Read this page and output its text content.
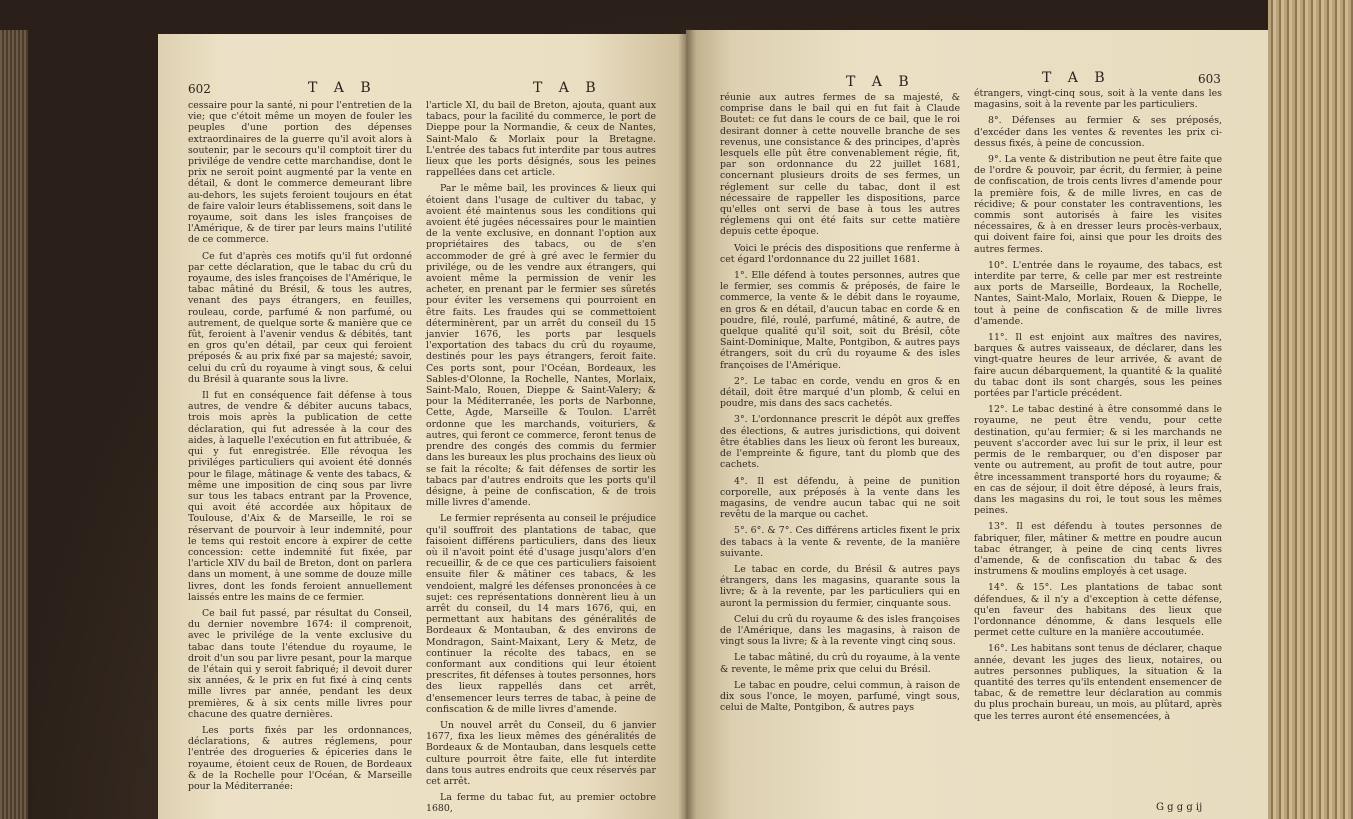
602	T A B	T A B

cessaire pour la santé, ni pour l'entretien de la vie; que c'étoit même un moyen de fouler les peuples d'une portion des dépenses extraordinaires de la guerre qu'il avoit alors à soutenir, par le secours qu'il comptoit tirer du privilége de vendre cette marchandise, dont le prix ne seroit point augmenté par la vente en détail, & dont le commerce demeurant libre au-dehors, les sujets feroient toujours en état de faire valoir leurs établissemens, soit dans le royaume, soit dans les isles françoises de l'Amérique, & de tirer par leurs mains l'utilité de ce commerce.

Ce fut d'après ces motifs qu'il fut ordonné par cette déclaration, que le tabac du crû du royaume, des isles françoises de l'Amérique, le tabac mâtiné du Brésil, & tous les autres, venant des pays étrangers, en feuilles, rouleau, corde, parfumé & non parfumé, ou autrement, de quelque sorte & manière que ce fût, feroient à l'avenir vendus & débités, tant en gros qu'en détail, par ceux qui feroient préposés & au prix fixé par sa majesté; savoir, celui du crû du royaume à vingt sous, & celui du Brésil à quarante sous la livre.

Il fut en conséquence fait défense à tous autres, de vendre & débiter aucuns tabacs, trois mois après la publication de cette déclaration, qui fut adressée à la cour des aides, à laquelle l'exécution en fut attribuée, & qui y fut enregistrée. Elle révoqua les priviléges particuliers qui avoient été donnés pour le filage, mâtinage & vente des tabacs, & même une imposition de cinq sous par livre sur tous les tabacs entrant par la Provence, qui avoit été accordée aux hôpitaux de Toulouse, d'Aix & de Marseille, le roi se réservant de pourvoir à leur indemnité, pour le tems qui restoit encore à expirer de cette concession: cette indemnité fut fixée, par l'article XIV du bail de Breton, dont on parlera dans un moment, à une somme de douze mille livres, dont les fonds feroient annuellement laissés entre les mains de ce fermier.

Ce bail fut passé, par résultat du Conseil, du dernier novembre 1674: il comprenoit, avec le privilége de la vente exclusive du tabac dans toute l'étendue du royaume, le droit d'un sou par livre pesant, pour la marque de l'étain qui y seroit fabriqué; il devoit durer six années, & le prix en fut fixé à cinq cents mille livres par année, pendant les deux premières, & à six cents mille livres pour chacune des quatre dernières.

Les ports fixés par les ordonnances, déclarations, & autres réglemens, pour l'entrée des drogueries & épiceries dans le royaume, étoient ceux de Rouen, de Bordeaux & de la Rochelle pour l'Océan, & Marseille pour la Méditerranée:

l'article XI, du bail de Breton, ajouta, quant aux tabacs, pour la facilité du commerce, le port de Dieppe pour la Normandie, & ceux de Nantes, Saint-Malo & Morlaix pour la Bretagne. L'entrée des tabacs fut interdite par tous autres lieux que les ports désignés, sous les peines rappellées dans cet article.

Par le même bail, les provinces & lieux qui étoient dans l'usage de cultiver du tabac, y avoient été maintenus sous les conditions qui avoient été jugées nécessaires pour le maintien de la vente exclusive, en donnant l'option aux propriétaires des tabacs, ou de s'en accommoder de gré à gré avec le fermier du privilége, ou de les vendre aux étrangers, qui avoient même la permission de venir les acheter, en prenant par le fermier ses sûretés pour éviter les versemens qui pourroient en être faits. Les fraudes qui se commettoient déterminèrent, par un arrêt du conseil du 15 janvier 1676, les ports par lesquels l'exportation des tabacs du crû du royaume, destinés pour les pays étrangers, feroit faite. Ces ports sont, pour l'Océan, Bordeaux, les Sables-d'Olonne, la Rochelle, Nantes, Morlaix, Saint-Malo, Rouen, Dieppe & Saint-Valery; & pour la Méditerranée, les ports de Narbonne, Cette, Agde, Marseille & Toulon. L'arrêt ordonne que les marchands, voituriers, & autres, qui feront ce commerce, feront tenus de prendre des congés des commis du fermier dans les bureaux les plus prochains des lieux où se fait la récolte; & fait défenses de sortir les tabacs par d'autres endroits que les ports qu'il désigne, à peine de confiscation, & de trois mille livres d'amende.

Le fermier représenta au conseil le préjudice qu'il souffroit des plantations de tabac, que faisoient différens particuliers, dans des lieux où il n'avoit point été d'usage jusqu'alors d'en recueillir, & de ce que ces particuliers faisoient ensuite filer & mâtiner ces tabacs, & les vendoient, malgré les défenses prononcées à ce sujet: ces représentations donnèrent lieu à un arrêt du conseil, du 14 mars 1676, qui, en permettant aux habitans des généralités de Bordeaux & Montauban, & des environs de Mondragon, Saint-Maixant, Lery & Metz, de continuer la récolte des tabacs, en se conformant aux conditions qui leur étoient prescrites, fit défenses à toutes personnes, hors des lieux rappellés dans cet arrêt, d'ensemencer leurs terres de tabac, à peine de confiscation & de mille livres d'amende.

Un nouvel arrêt du Conseil, du 6 janvier 1677, fixa les lieux mêmes des généralités de Bordeaux & de Montauban, dans lesquels cette culture pourroit être faite, elle fut interdite dans tous autres endroits que ceux réservés par cet arrêt.

La ferme du tabac fut, au premier octobre 1680,

T A B	T A B	603

réunie aux autres fermes de sa majesté, & comprise dans le bail qui en fut fait à Claude Boutet: ce fut dans le cours de ce bail, que le roi desirant donner à cette nouvelle branche de ses revenus, une consistance & des principes, d'après lesquels elle pût être convenablement régie, fit, par son ordonnance du 22 juillet 1681, concernant plusieurs droits de ses fermes, un réglement sur celle du tabac, dont il est nécessaire de rappeller les dispositions, parce qu'elles ont servi de base à tous les autres réglemens qui ont été faits sur cette matière depuis cette époque.

Voici le précis des dispositions que renferme à cet égard l'ordonnance du 22 juillet 1681.

1°. Elle défend à toutes personnes, autres que le fermier, ses commis & préposés, de faire le commerce, la vente & le débit dans le royaume, en gros & en détail, d'aucun tabac en corde & en poudre, filé, roulé, parfumé, mâtiné, & autre, de quelque qualité qu'il soit, soit du Brésil, côte Saint-Dominique, Malte, Pontgibon, & autres pays étrangers, soit du crû du royaume & des isles françoises de l'Amérique.

2°. Le tabac en corde, vendu en gros & en détail, doit être marqué d'un plomb, & celui en poudre, mis dans des sacs cachetés.

3°. L'ordonnance prescrit le dépôt aux greffes des élections, & autres jurisdictions, qui doivent être établies dans les lieux où feront les bureaux, de l'empreinte & figure, tant du plomb que des cachets.

4°. Il est défendu, à peine de punition corporelle, aux préposés à la vente dans les magasins, de vendre aucun tabac qui ne soit revêtu de la marque ou cachet.

5°. 6°. & 7°. Ces différens articles fixent le prix des tabacs à la vente & revente, de la manière suivante.

Le tabac en corde, du Brésil & autres pays étrangers, dans les magasins, quarante sous la livre; & à la revente, par les particuliers qui en auront la permission du fermier, cinquante sous.

Celui du crû du royaume & des isles françoises de l'Amérique, dans les magasins, à raison de vingt sous la livre; & à la revente vingt cinq sous.

Le tabac mâtiné, du crû du royaume, à la vente & revente, le même prix que celui du Brésil.

Le tabac en poudre, celui commun, à raison de dix sous l'once, le moyen, parfumé, vingt sous, celui de Malte, Pontgibon, & autres pays

étrangers, vingt-cinq sous, soit à la vente dans les magasins, soit à la revente par les particuliers.

8°. Défenses au fermier & ses préposés, d'excéder dans les ventes & reventes les prix ci-dessus fixés, à peine de concussion.

9°. La vente & distribution ne peut être faite que de l'ordre & pouvoir, par écrit, du fermier, à peine de confiscation, de trois cents livres d'amende pour la première fois, & de mille livres, en cas de récidive; & pour constater les contraventions, les commis sont autorisés à faire les visites nécessaires, & à en dresser leurs procès-verbaux, qui doivent faire foi, ainsi que pour les droits des autres fermes.

10°. L'entrée dans le royaume, des tabacs, est interdite par terre, & celle par mer est restreinte aux ports de Marseille, Bordeaux, la Rochelle, Nantes, Saint-Malo, Morlaix, Rouen & Dieppe, le tout à peine de confiscation & de mille livres d'amende.

11°. Il est enjoint aux maîtres des navires, barques & autres vaisseaux, de déclarer, dans les vingt-quatre heures de leur arrivée, & avant de faire aucun débarquement, la quantité & la qualité du tabac dont ils sont chargés, sous les peines portées par l'article précédent.

12°. Le tabac destiné à être consommé dans le royaume, ne peut être vendu, pour cette destination, qu'au fermier; & si les marchands ne peuvent s'accorder avec lui sur le prix, il leur est permis de le rembarquer, ou d'en disposer par vente ou autrement, au profit de tout autre, pour être incessamment transporté hors du royaume; & en cas de séjour, il doit être déposé, à leurs frais, dans les magasins du roi, le tout sous les mêmes peines.

13°. Il est défendu à toutes personnes de fabriquer, filer, mâtiner & mettre en poudre aucun tabac étranger, à peine de cinq cents livres d'amende, & de confiscation du tabac & des instrumens & moulins employés à cet usage.

14°. & 15°. Les plantations de tabac sont défendues, & il n'y a d'exception à cette défense, qu'en faveur des habitans des lieux que l'ordonnance dénomme, & dans lesquels elle permet cette culture en la manière accoutumée.

16°. Les habitans sont tenus de déclarer, chaque année, devant les juges des lieux, notaires, ou autres personnes publiques, la situation & la quantité des terres qu'ils entendent ensemencer de tabac, & de remettre leur déclaration au commis du plus prochain bureau, un mois, au plûtard, après que les terres auront été ensemencées, à

G g g g ij
